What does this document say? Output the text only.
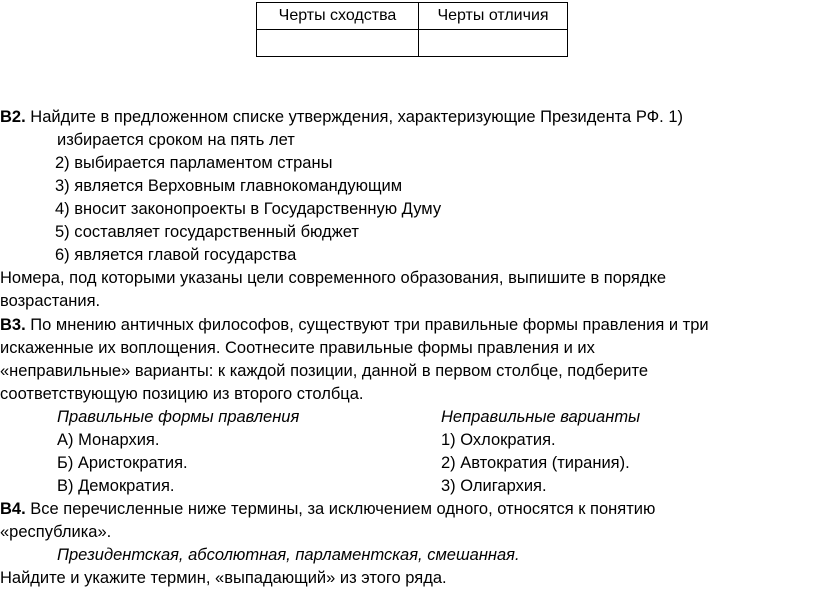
Черты сходства	Черты отличия

В2. Найдите в предложенном списке утверждения, характеризующие Президента РФ. 1)
избирается сроком на пять лет
2) выбирается парламентом страны
3) является Верховным главнокомандующим
4) вносит законопроекты в Государственную Думу
5) составляет государственный бюджет
6) является главой государства
Номера, под которыми указаны цели современного образования, выпишите в порядке
возрастания.
В3. По мнению античных философов, существуют три правильные формы правления и три
искаженные их воплощения. Соотнесите правильные формы правления и их
«неправильные» варианты: к каждой позиции, данной в первом столбце, подберите
соответствующую позицию из второго столбца.
Правильные формы правления	Неправильные варианты
А) Монархия.	1) Охлократия.
Б) Аристократия.	2) Автократия (тирания).
В) Демократия.	3) Олигархия.
В4. Все перечисленные ниже термины, за исключением одного, относятся к понятию
«республика».
Президентская, абсолютная, парламентская, смешанная.
Найдите и укажите термин, «выпадающий» из этого ряда.
